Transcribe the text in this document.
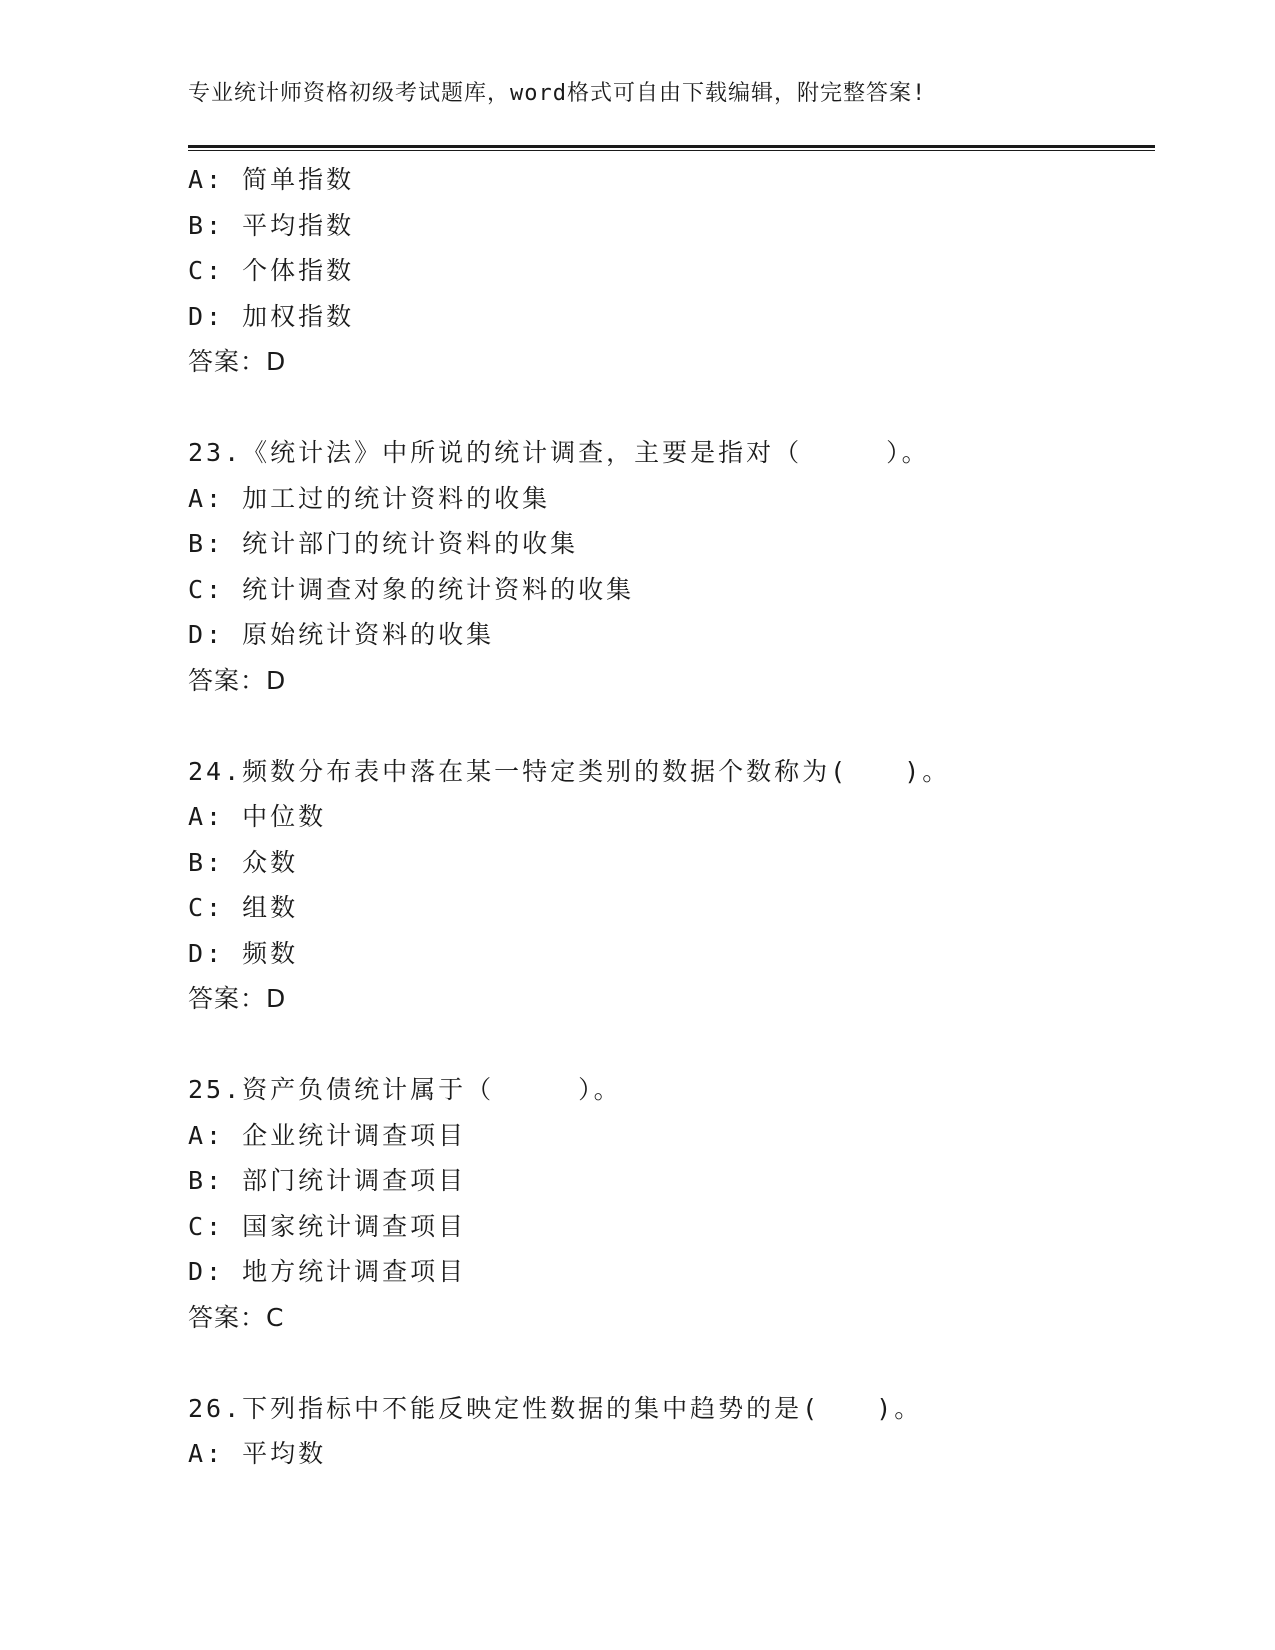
专业统计师资格初级考试题库，word格式可自由下载编辑，附完整答案!
A: 简单指数
B: 平均指数
C: 个体指数
D: 加权指数
答案：D
23.《统计法》中所说的统计调查，主要是指对（　　　）。
A: 加工过的统计资料的收集
B: 统计部门的统计资料的收集
C: 统计调查对象的统计资料的收集
D: 原始统计资料的收集
答案：D
24.频数分布表中落在某一特定类别的数据个数称为(　　)。
A: 中位数
B: 众数
C: 组数
D: 频数
答案：D
25.资产负债统计属于（　　　）。
A: 企业统计调查项目
B: 部门统计调查项目
C: 国家统计调查项目
D: 地方统计调查项目
答案：C
26.下列指标中不能反映定性数据的集中趋势的是(　　)。
A: 平均数
